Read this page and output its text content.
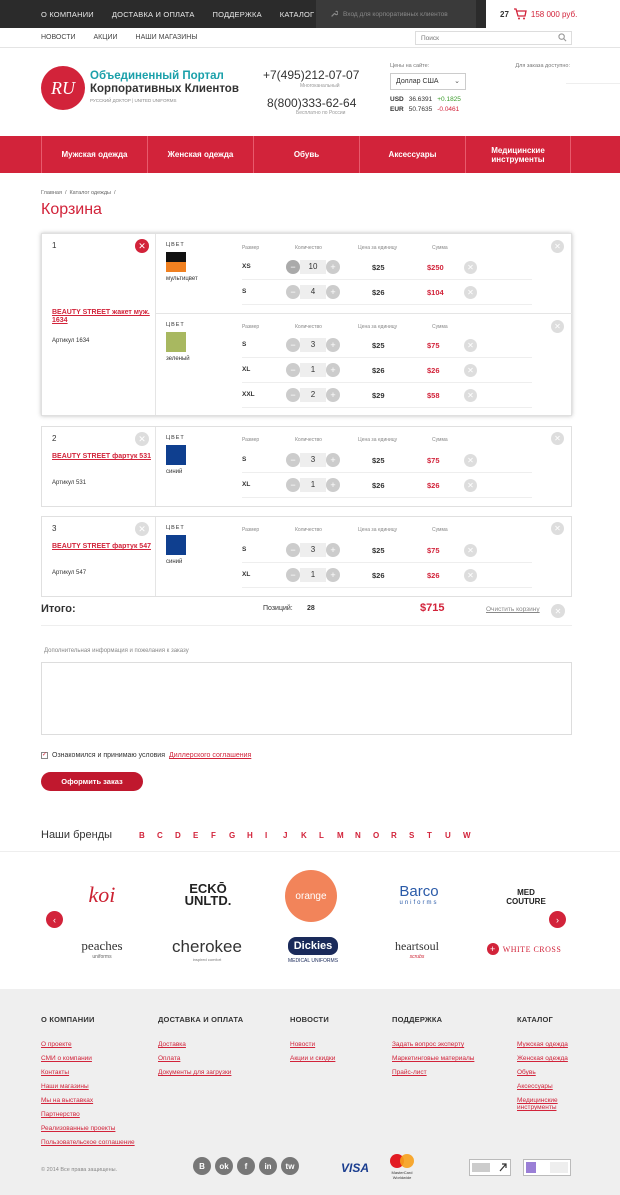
О КОМПАНИИ	ДОСТАВКА И ОПЛАТА	ПОДДЕРЖКА	КАТАЛОГ	Вход для корпоративных клиентов	27	158 000 руб.
НОВОСТИ	АКЦИИ	НАШИ МАГАЗИНЫ
Поиск
RU
Объединенный Портал
Корпоративных Клиентов
РУССКИЙ ДОКТОР | UNITED UNIFORMS
+7(495)212-07-07
Многоканальный
8(800)333-62-64
Бесплатно по России
Цены на сайте:
Доллар США ⌄
USD 36.6391 +0.1825
EUR 50.7635 -0.0461
Для заказа доступно:
Мужская одежда	Женская одежда	Обувь	Аксессуары	Медицинские инструменты
Главная / Каталог одежды /
Корзина
1	✕
BEAUTY STREET жакет муж. 1634
Артикул 1634
ЦВЕТ
мультицвет
Размер	Количество	Цена за единицу	Сумма
XS	−	10	+	$25	$250	✕
S	−	4	+	$26	$104	✕
✕
ЦВЕТ
зеленый
Размер	Количество	Цена за единицу	Сумма
S	−	3	+	$25	$75	✕
XL	−	1	+	$26	$26	✕
XXL	−	2	+	$29	$58	✕
✕
2	✕
BEAUTY STREET фартук 531
Артикул 531
ЦВЕТ
синий
Размер	Количество	Цена за единицу	Сумма
S	−	3	+	$25	$75	✕
XL	−	1	+	$26	$26	✕
✕
3	✕
BEAUTY STREET фартук 547
Артикул 547
ЦВЕТ
синий
Размер	Количество	Цена за единицу	Сумма
S	−	3	+	$25	$75	✕
XL	−	1	+	$26	$26	✕
✕
Итого:	Позиций: 28	$715	Очистить корзину	✕
Дополнительная информация и пожелания к заказу
✓ Ознакомился и принимаю условия Диллерского соглашения
Оформить заказ
Наши бренды	B	C	D	E	F	G	H	I	J	K	L	M N	O	R	S	T	U	W
‹	›
koi	ECKŌ UNLTD.	orange	Barco
uniforms
MED COUTURE
peaches
uniforms
cherokee
inspired comfort
Dickies
MEDICAL UNIFORMS
heartsoul
scrubs
+ WHITE CROSS
О КОМПАНИИ
О проекте
СМИ о компании
Контакты
Наши магазины
Мы на выставках
Партнерство
Реализованные проекты
Пользовательское соглашение
ДОСТАВКА И ОПЛАТА
Доставка
Оплата
Документы для загрузки
НОВОСТИ
Новости
Акции и скидки
ПОДДЕРЖКА
Задать вопрос эксперту
Маркетинговые материалы
Прайс-лист
КАТАЛОГ
Мужская одежда
Женская одежда
Обувь
Аксессуары
Медицинские инструменты
© 2014 Все права защищены.	B	ok	f	in	tw	VISA	MasterCard
Worldwide
